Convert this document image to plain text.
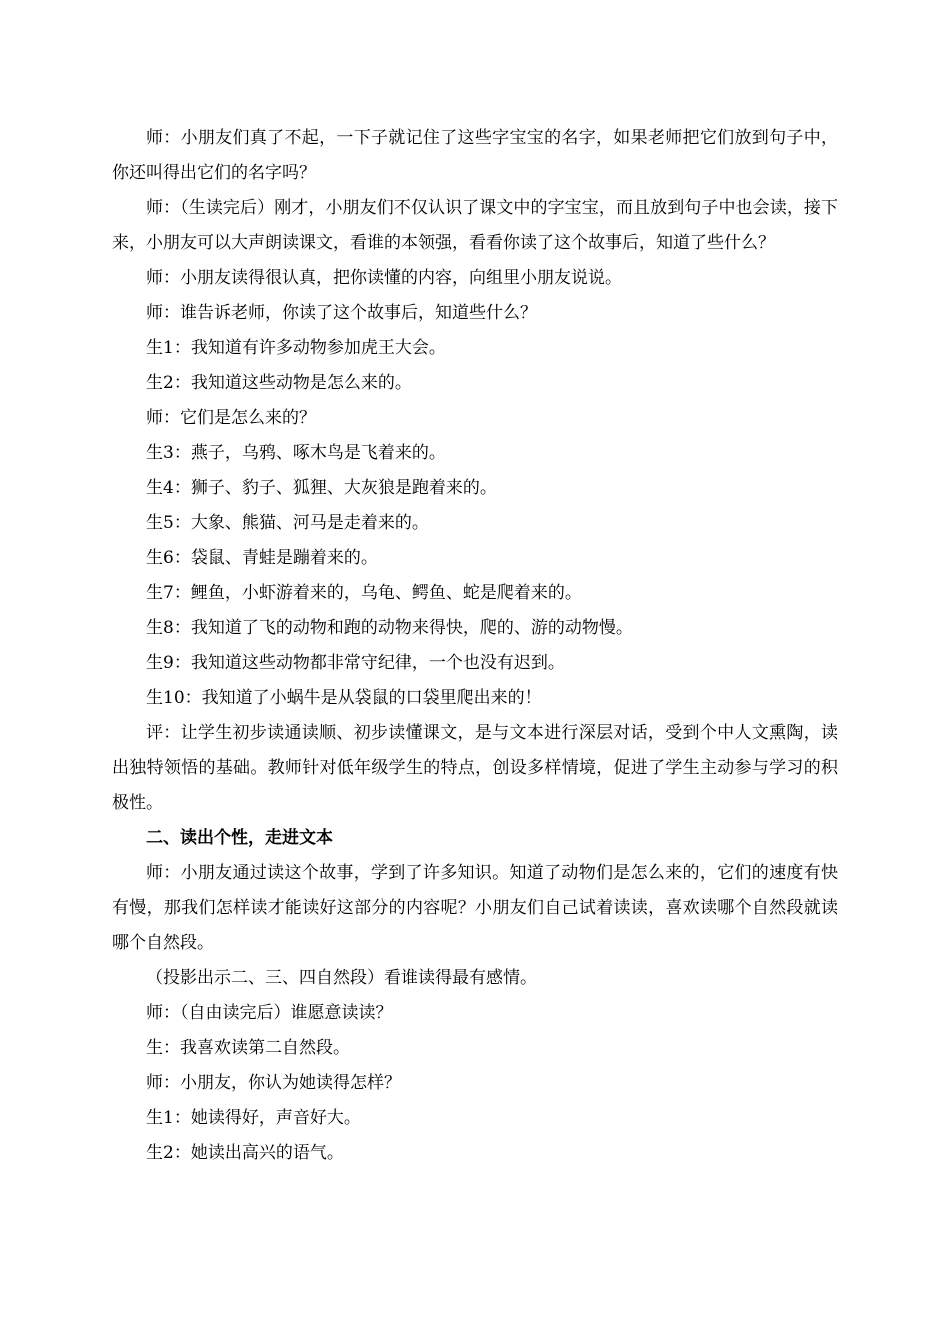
师：小朋友们真了不起，一下子就记住了这些字宝宝的名字，如果老师把它们放到句子中，你还叫得出它们的名字吗？

师：（生读完后）刚才，小朋友们不仅认识了课文中的字宝宝，而且放到句子中也会读，接下来，小朋友可以大声朗读课文，看谁的本领强，看看你读了这个故事后，知道了些什么？

师：小朋友读得很认真，把你读懂的内容，向组里小朋友说说。

师：谁告诉老师，你读了这个故事后，知道些什么？

生1：我知道有许多动物参加虎王大会。

生2：我知道这些动物是怎么来的。

师：它们是怎么来的？

生3：燕子，乌鸦、啄木鸟是飞着来的。

生4：狮子、豹子、狐狸、大灰狼是跑着来的。

生5：大象、熊猫、河马是走着来的。

生6：袋鼠、青蛙是蹦着来的。

生7：鲤鱼，小虾游着来的，乌龟、鳄鱼、蛇是爬着来的。

生8：我知道了飞的动物和跑的动物来得快，爬的、游的动物慢。

生9：我知道这些动物都非常守纪律，一个也没有迟到。

生10：我知道了小蜗牛是从袋鼠的口袋里爬出来的！

评：让学生初步读通读顺、初步读懂课文，是与文本进行深层对话，受到个中人文熏陶，读出独特领悟的基础。教师针对低年级学生的特点，创设多样情境，促进了学生主动参与学习的积极性。

二、读出个性，走进文本

师：小朋友通过读这个故事，学到了许多知识。知道了动物们是怎么来的，它们的速度有快有慢，那我们怎样读才能读好这部分的内容呢？小朋友们自己试着读读，喜欢读哪个自然段就读哪个自然段。

（投影出示二、三、四自然段）看谁读得最有感情。

师：（自由读完后）谁愿意读读？

生：我喜欢读第二自然段。

师：小朋友，你认为她读得怎样？

生1：她读得好，声音好大。

生2：她读出高兴的语气。
